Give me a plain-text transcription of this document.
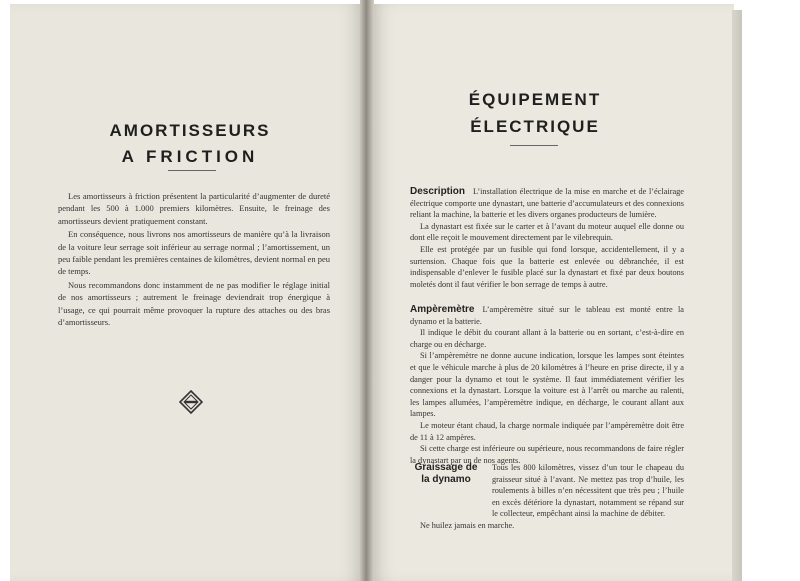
AMORTISSEURS
A FRICTION

Les amortisseurs à friction présentent la particularité d’augmenter de dureté pendant les 500 à 1.000 premiers kilomètres. Ensuite, le freinage des amortisseurs devient pratiquement constant.

En conséquence, nous livrons nos amortisseurs de manière qu’à la livraison de la voiture leur serrage soit inférieur au serrage normal ; l’amortissement, un peu faible pendant les premières centaines de kilomètres, devient normal en peu de temps.

Nous recommandons donc instamment de ne pas modifier le réglage initial de nos amortisseurs ; autrement le freinage deviendrait trop énergique à l’usage, ce qui pourrait même provoquer la rupture des attaches ou des bras d’amortisseurs.

ÉQUIPEMENT
ÉLECTRIQUE

Description L’installation électrique de la mise en marche et de l’éclairage électrique comporte une dynastart, une batterie d’accumulateurs et des connexions reliant la machine, la batterie et les divers organes producteurs de lumière.

La dynastart est fixée sur le carter et à l’avant du moteur auquel elle donne ou dont elle reçoit le mouvement directement par le vilebrequin.

Elle est protégée par un fusible qui fond lorsque, accidentellement, il y a surtension. Chaque fois que la batterie est enlevée ou débranchée, il est indispensable d’enlever le fusible placé sur la dynastart et fixé par deux boutons moletés dont il faut vérifier le bon serrage de temps à autre.

Ampèremètre L’ampèremètre situé sur le tableau est monté entre la dynamo et la batterie.

Il indique le débit du courant allant à la batterie ou en sortant, c’est-à-dire en charge ou en décharge.

Si l’ampèremètre ne donne aucune indication, lorsque les lampes sont éteintes et que le véhicule marche à plus de 20 kilomètres à l’heure en prise directe, il y a danger pour la dynamo et tout le système. Il faut immédiatement vérifier les connexions et la dynastart. Lorsque la voiture est à l’arrêt ou marche au ralenti, les lampes allumées, l’ampèremètre indique, en décharge, le courant allant aux lampes.

Le moteur étant chaud, la charge normale indiquée par l’ampèremètre doit être de 11 à 12 ampères.

Si cette charge est inférieure ou supérieure, nous recommandons de faire régler la dynastart par un de nos agents.

Graissage de
la dynamo

Tous les 800 kilomètres, vissez d’un tour le chapeau du graisseur situé à l’avant. Ne mettez pas trop d’huile, les roulements à billes n’en nécessitent que très peu ; l’huile en excès détériore la dynastart, notamment se répand sur le collecteur, empêchant ainsi la machine de débiter.

Ne huilez jamais en marche.
